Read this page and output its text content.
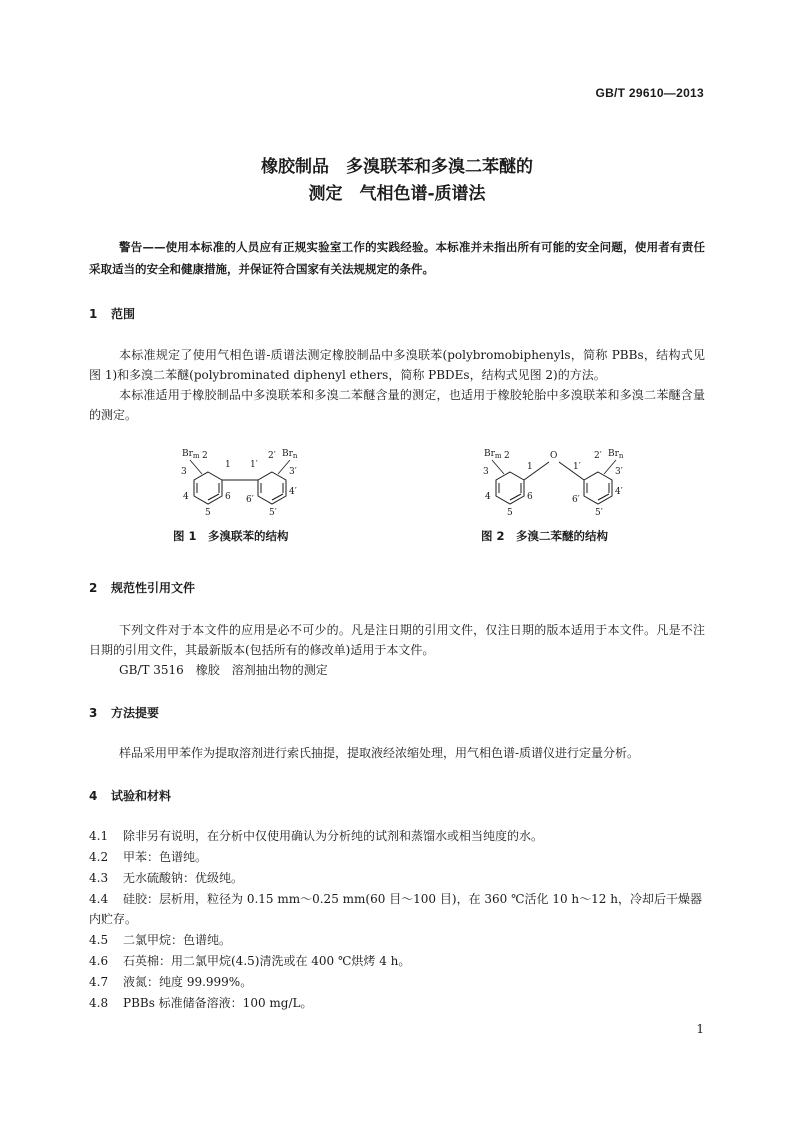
GB/T 29610—2013
橡胶制品　多溴联苯和多溴二苯醚的
测定　气相色谱-质谱法
警告——使用本标准的人员应有正规实验室工作的实践经验。本标准并未指出所有可能的安全问题，使用者有责任采取适当的安全和健康措施，并保证符合国家有关法规规定的条件。
1 范围
本标准规定了使用气相色谱-质谱法测定橡胶制品中多溴联苯(polybromobiphenyls，简称 PBBs，结构式见图 1)和多溴二苯醚(polybrominated diphenyl ethers，简称 PBDEs，结构式见图 2)的方法。
本标准适用于橡胶制品中多溴联苯和多溴二苯醚含量的测定，也适用于橡胶轮胎中多溴联苯和多溴二苯醚含量的测定。
$Br_m$	$Br_n$
2
1
3
4
5
6
1′
2′
3′
4′
5′
6′
O
$Br_m$	$Br_n$
2
1
3
4
5
6
1′
2′
3′
4′
5′
6′
图 1　多溴联苯的结构	图 2　多溴二苯醚的结构
2 规范性引用文件
下列文件对于本文件的应用是必不可少的。凡是注日期的引用文件，仅注日期的版本适用于本文件。凡是不注日期的引用文件，其最新版本(包括所有的修改单)适用于本文件。
GB/T 3516　橡胶　溶剂抽出物的测定
3 方法提要
样品采用甲苯作为提取溶剂进行索氏抽提，提取液经浓缩处理，用气相色谱-质谱仪进行定量分析。
4 试验和材料
4.1 除非另有说明，在分析中仅使用确认为分析纯的试剂和蒸馏水或相当纯度的水。
4.2 甲苯：色谱纯。
4.3 无水硫酸钠：优级纯。
4.4 硅胶：层析用，粒径为 0.15 mm～0.25 mm(60 目～100 目)，在 360 ℃活化 10 h～12 h，冷却后干燥器内贮存。
4.5 二氯甲烷：色谱纯。
4.6 石英棉：用二氯甲烷(4.5)清洗或在 400 ℃烘烤 4 h。
4.7 液氮：纯度 99.999%。
4.8 PBBs 标准储备溶液：100 mg/L。
1
